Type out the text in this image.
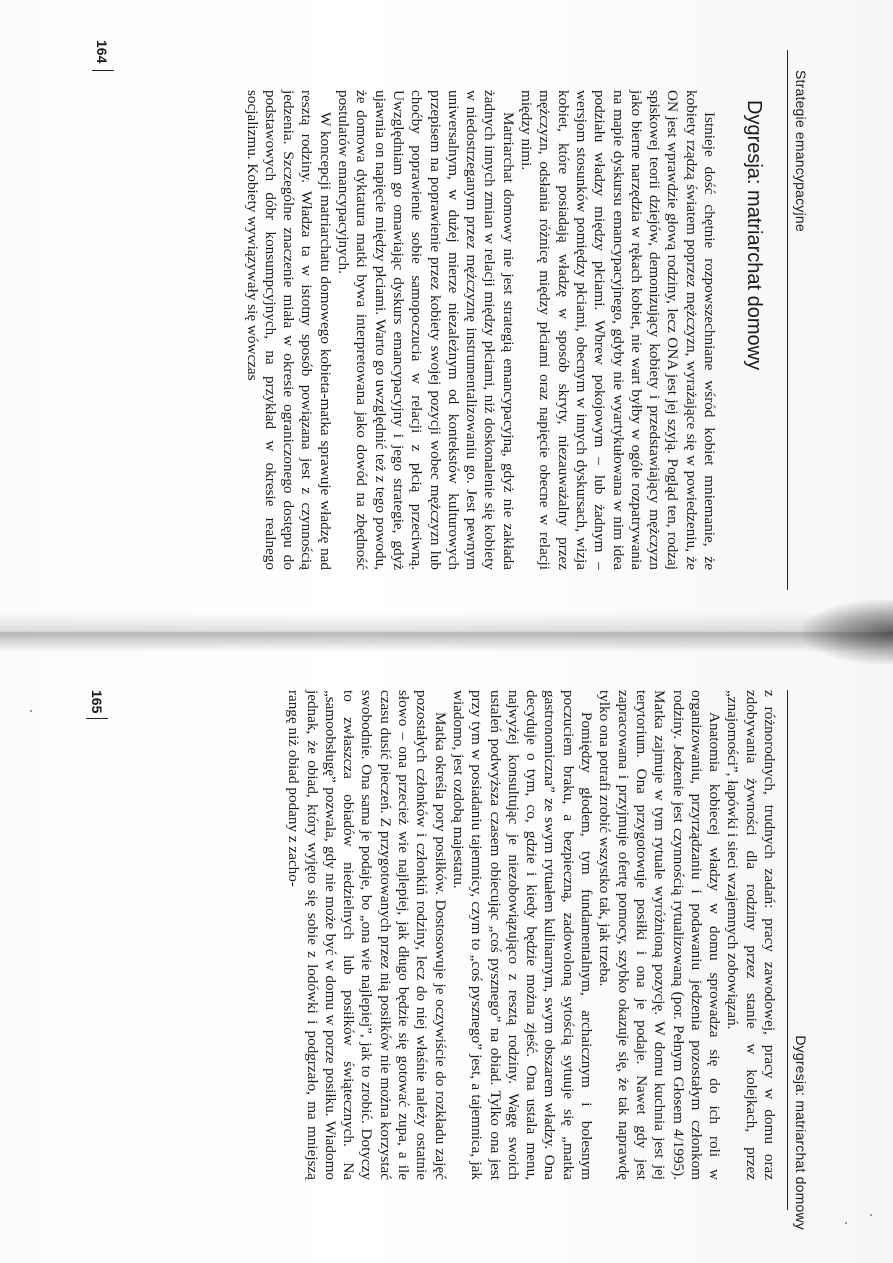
Strategie emancypacyjne
Dygresja: matriarchat domowy

Istnieje dość chętnie rozpowszechniane wśród kobiet mniemanie, że kobiety rządzą światem poprzez mężczyzn, wyrażające się w powiedzeniu, że ON jest wprawdzie głową rodziny, lecz ONA jest jej szyją. Pogląd ten, rodzaj spiskowej teorii dziejów, demonizujący kobiety i przedstawiający mężczyzn jako bierne narzędzia w rękach kobiet, nie wart byłby w ogóle rozpatrywania na mapie dyskursu emancypacyjnego, gdyby nie wyartykułowana w nim idea podziału władzy między płciami. Wbrew pokojowym – lub żadnym – wersjom stosunków pomiędzy płciami, obecnym w innych dyskursach, wizja kobiet, które posiadają władzę w sposób skryty, niezauważalny przez mężczyzn, odsłania różnicę między płciami oraz napięcie obecne w relacji między nimi.

Matriarchat domowy nie jest strategią emancypacyjną, gdyż nie zakłada żadnych innych zmian w relacji między płciami, niż doskonalenie się kobiety w niedostrzeganym przez mężczyznę instrumentalizowaniu go. Jest pewnym uniwersalnym, w dużej mierze niezależnym od kontekstów kulturowych przepisem na poprawienie przez kobiety swojej pozycji wobec mężczyzn lub choćby poprawienie sobie samopoczucia w relacji z płcią przeciwną. Uwzględniam go omawiając dyskurs emancypacyjny i jego strategie, gdyż ujawnia on napięcie między płciami. Warto go uwzględnić też z tego powodu, że domowa dyktatura matki bywa interpretowana jako dowód na zbędność postulatów emancypacyjnych.

W koncepcji matriarchatu domowego kobieta-matka sprawuje władzę nad resztą rodziny. Władza ta w istotny sposób powiązana jest z czynnością jedzenia. Szczególne znaczenie miała w okresie ograniczonego dostępu do podstawowych dóbr konsumpcyjnych, na przykład w okresie realnego socjalizmu. Kobiety wywiązywały się wówczas

164
Dygresja: matriarchat domowy

z różnorodnych, trudnych zadań: pracy zawodowej, pracy w domu oraz zdobywania żywności dla rodziny przez stanie w kolejkach, przez „znajomości”, łapówki i sieci wzajemnych zobowiązań.

Anatomia kobiecej władzy w domu sprowadza się do ich roli w organizowaniu, przyrządzaniu i podawaniu jedzenia pozostałym członkom rodziny. Jedzenie jest czynnością rytualizowaną (por. Pełnym Głosem 4/1995). Matka zajmuje w tym rytuale wyróżnioną pozycję. W domu kuchnia jest jej terytorium. Ona przygotowuje posiłki i ona je podaje. Nawet gdy jest zapracowana i przyjmuje ofertę pomocy, szybko okazuje się, że tak naprawdę tylko ona potrafi zrobić wszystko tak, jak trzeba.

Pomiędzy głodem, tym fundamentalnym, archaicznym i bolesnym poczuciem braku, a bezpieczną, zadowoloną sytością sytuuje się „matka gastronomiczna” ze swym rytuałem kulinarnym, swym obszarem władzy. Ona decyduje o tym, co, gdzie i kiedy będzie można zjeść. Ona ustala menu, najwyżej konsultując je niezobowiązująco z resztą rodziny. Wagę swoich ustaleń podwyższa czasem obiecując „coś pysznego” na obiad. Tylko ona jest przy tym w posiadaniu tajemnicy, czym to „coś pysznego” jest, a tajemnica, jak wiadomo, jest ozdobą majestatu.

Matka określa pory posiłków. Dostosowuje je oczywiście do rozkładu zajęć pozostałych członków i członkiń rodziny, lecz do niej właśnie należy ostatnie słowo – ona przecież wie najlepiej, jak długo będzie się gotować zupa, a ile czasu dusić pieczeń. Z przygotowanych przez nią posiłków nie można korzystać swobodnie. Ona sama je podaje, bo „ona wie najlepiej”, jak to zrobić. Dotyczy to zwłaszcza obiadów niedzielnych lub posiłków świątecznych. Na „samoobsługę” pozwala, gdy nie może być w domu w porze posiłku. Wiadomo jednak, że obiad, który wyjęto się sobie z lodówki i podgrzało, ma mniejszą rangę niż obiad podany z zacho-

165
